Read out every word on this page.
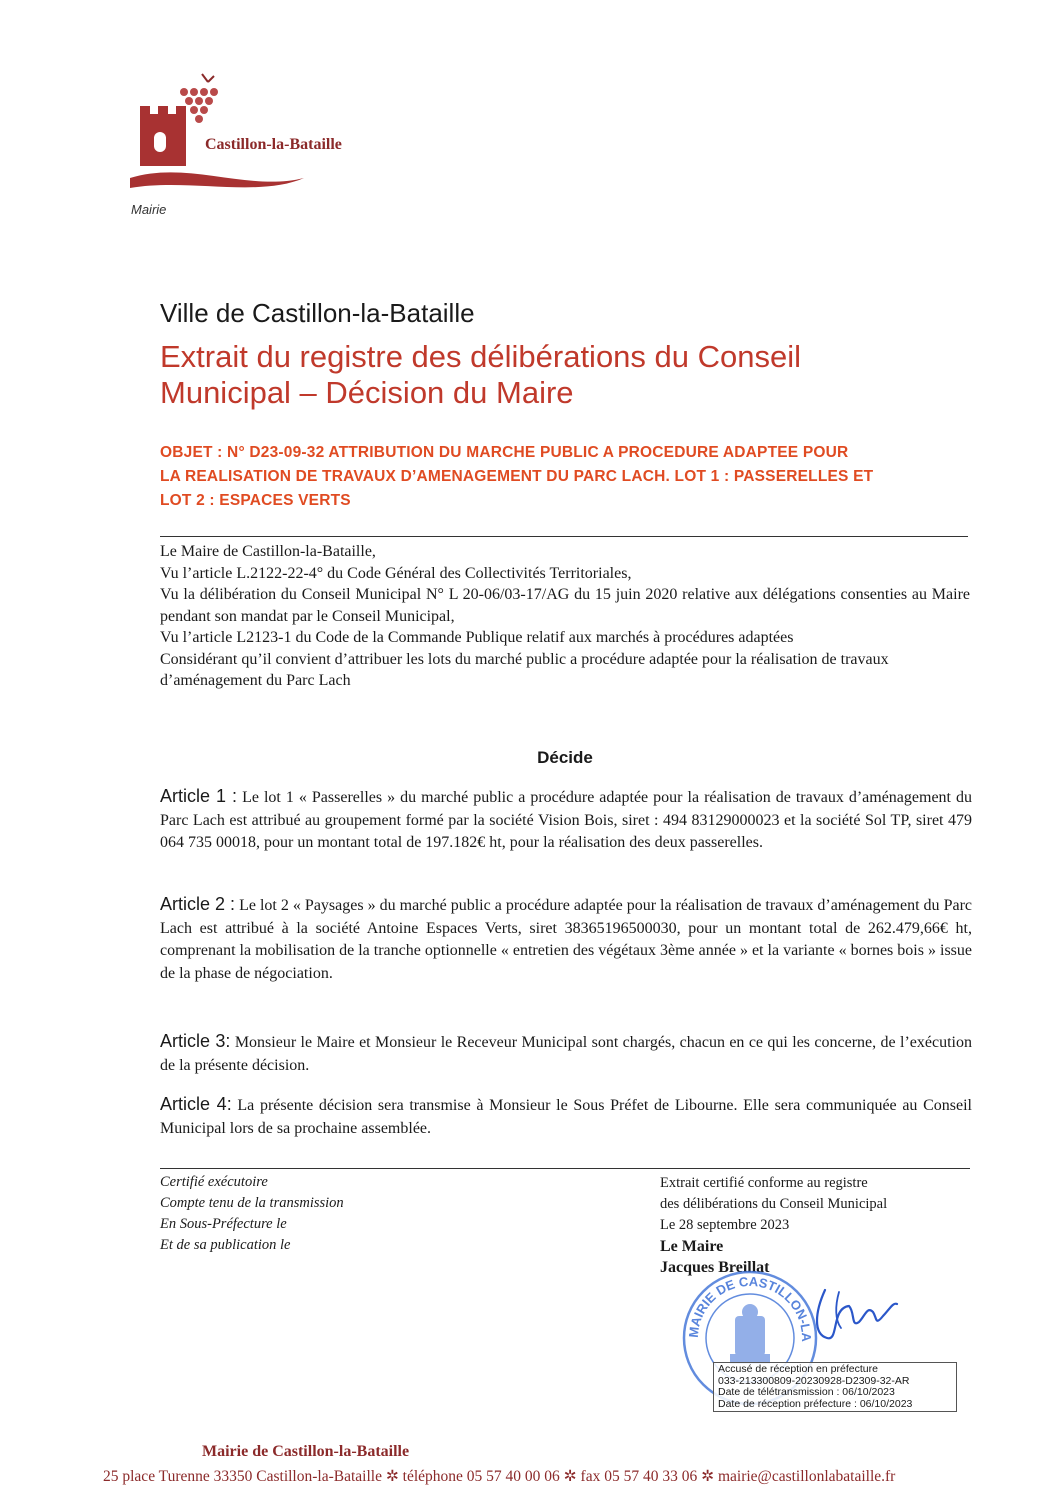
Castillon-la-Bataille
Mairie
Ville de Castillon-la-Bataille
Extrait du registre des délibérations du Conseil
Municipal – Décision du Maire
OBJET : N° D23-09-32 ATTRIBUTION DU MARCHE PUBLIC A PROCEDURE ADAPTEE POUR
LA REALISATION DE TRAVAUX D’AMENAGEMENT DU PARC LACH. LOT 1 : PASSERELLES ET
LOT 2 : ESPACES VERTS

Le Maire de Castillon-la-Bataille,

Vu l’article L.2122-22-4° du Code Général des Collectivités Territoriales,

Vu la délibération du Conseil Municipal N° L 20-06/03-17/AG du 15 juin 2020 relative aux délégations consenties au Maire pendant son mandat par le Conseil Municipal,

Vu l’article L2123-1 du Code de la Commande Publique relatif aux marchés à procédures adaptées

Considérant qu’il convient d’attribuer les lots du marché public a procédure adaptée pour la réalisation de travaux d’aménagement du Parc Lach

Décide
Article 1 : Le lot 1 « Passerelles » du marché public a procédure adaptée pour la réalisation de travaux d’aménagement du Parc Lach est attribué au groupement formé par la société Vision Bois, siret : 494 83129000023 et la société Sol TP, siret 479 064 735 00018, pour un montant total de 197.182€ ht, pour la réalisation des deux passerelles.
Article 2 : Le lot 2 « Paysages » du marché public a procédure adaptée pour la réalisation de travaux d’aménagement du Parc Lach est attribué à la société Antoine Espaces Verts, siret 38365196500030, pour un montant total de 262.479,66€ ht, comprenant la mobilisation de la tranche optionnelle « entretien des végétaux 3ème année » et la variante « bornes bois » issue de la phase de négociation.
Article 3: Monsieur le Maire et Monsieur le Receveur Municipal sont chargés, chacun en ce qui les concerne, de l’exécution de la présente décision.
Article 4: La présente décision sera transmise à Monsieur le Sous Préfet de Libourne. Elle sera communiquée au Conseil Municipal lors de sa prochaine assemblée.
Certifié exécutoire
Compte tenu de la transmission
En Sous-Préfecture le
Et de sa publication le
Extrait certifié conforme au registre
des délibérations du Conseil Municipal
Le 28 septembre 2023
Le Maire
Jacques Breillat
MAIRIE DE CASTILLON-LA
Accusé de réception en préfecture
033-213300809-20230928-D2309-32-AR
Date de télétransmission : 06/10/2023
Date de réception préfecture : 06/10/2023
Mairie de Castillon-la-Bataille
25 place Turenne 33350 Castillon-la-Bataille ✲ téléphone 05 57 40 00 06 ✲ fax 05 57 40 33 06 ✲ mairie@castillonlabataille.fr
